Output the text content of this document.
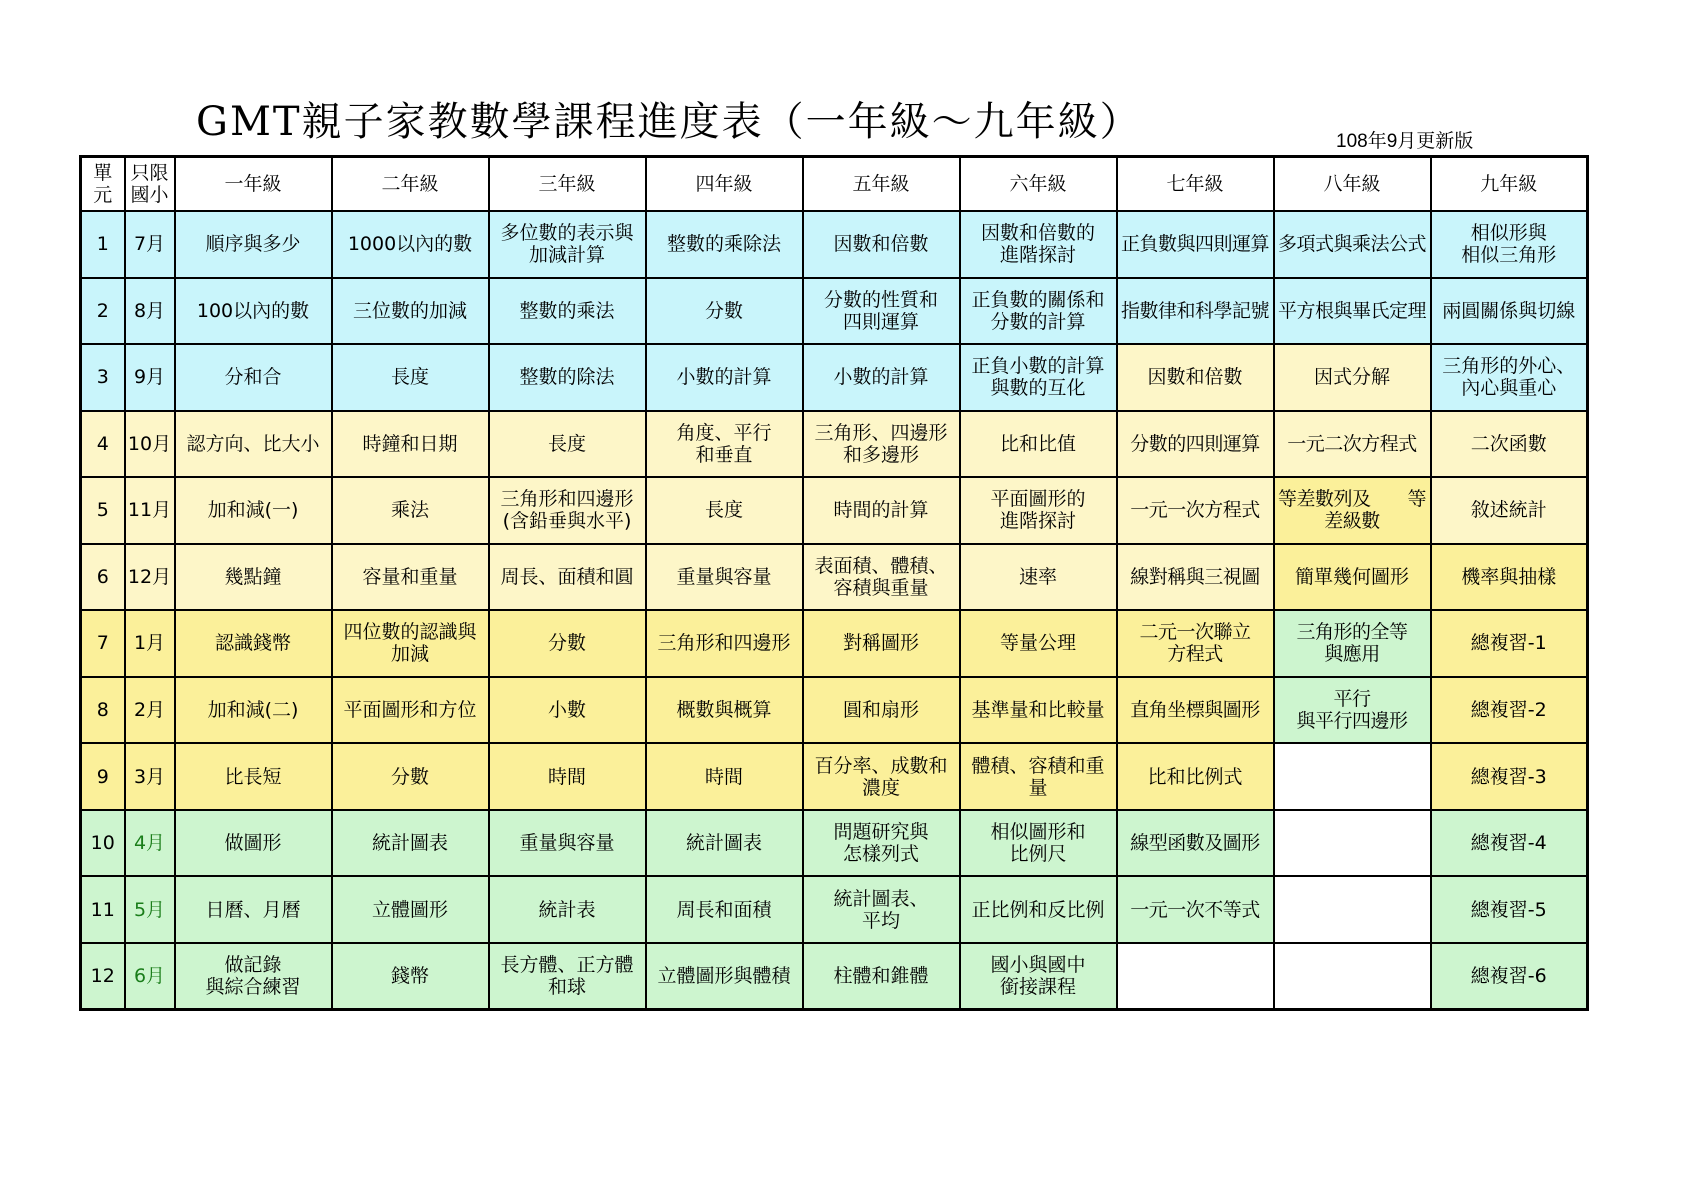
GMT親子家教數學課程進度表（一年級～九年級）	108年9月更新版
單 元	只限 國小	一年級	二年級	三年級	四年級	五年級	六年級	七年級	八年級	九年級
1	7月	順序與多少	1000以內的數	多位數的表示與
加減計算	整數的乘除法	因數和倍數	因數和倍數的
進階探討	正負數與四則運算	多項式與乘法公式	相似形與
相似三角形
2	8月	100以內的數	三位數的加減	整數的乘法	分數	分數的性質和
四則運算	正負數的關係和
分數的計算	指數律和科學記號	平方根與畢氏定理	兩圓關係與切線
3	9月	分和合	長度	整數的除法	小數的計算	小數的計算	正負小數的計算
與數的互化	因數和倍數	因式分解	三角形的外心、
內心與重心
4	10月	認方向、比大小	時鐘和日期	長度	角度、平行
和垂直	三角形、四邊形
和多邊形	比和比值	分數的四則運算	一元二次方程式	二次函數
5	11月	加和減(一)	乘法	三角形和四邊形
(含鉛垂與水平)	長度	時間的計算	平面圖形的
進階探討	一元一次方程式	等差數列及　　等
差級數	敘述統計
6	12月	幾點鐘	容量和重量	周長、面積和圓	重量與容量	表面積、體積、
容積與重量	速率	線對稱與三視圖	簡單幾何圖形	機率與抽樣
7	1月	認識錢幣	四位數的認識與
加減	分數	三角形和四邊形	對稱圖形	等量公理	二元一次聯立
方程式	三角形的全等
與應用	總複習-1
8	2月	加和減(二)	平面圖形和方位	小數	概數與概算	圓和扇形	基準量和比較量	直角坐標與圖形	平行
與平行四邊形	總複習-2
9	3月	比長短	分數	時間	時間	百分率、成數和
濃度	體積、容積和重量	比和比例式		總複習-3
10	4月	做圖形	統計圖表	重量與容量	統計圖表	問題研究與
怎樣列式	相似圖形和
比例尺	線型函數及圖形		總複習-4
11	5月	日曆、月曆	立體圖形	統計表	周長和面積	統計圖表、
平均	正比例和反比例	一元一次不等式		總複習-5
12	6月	做記錄
與綜合練習	錢幣	長方體、正方體
和球	立體圖形與體積	柱體和錐體	國小與國中
銜接課程			總複習-6
